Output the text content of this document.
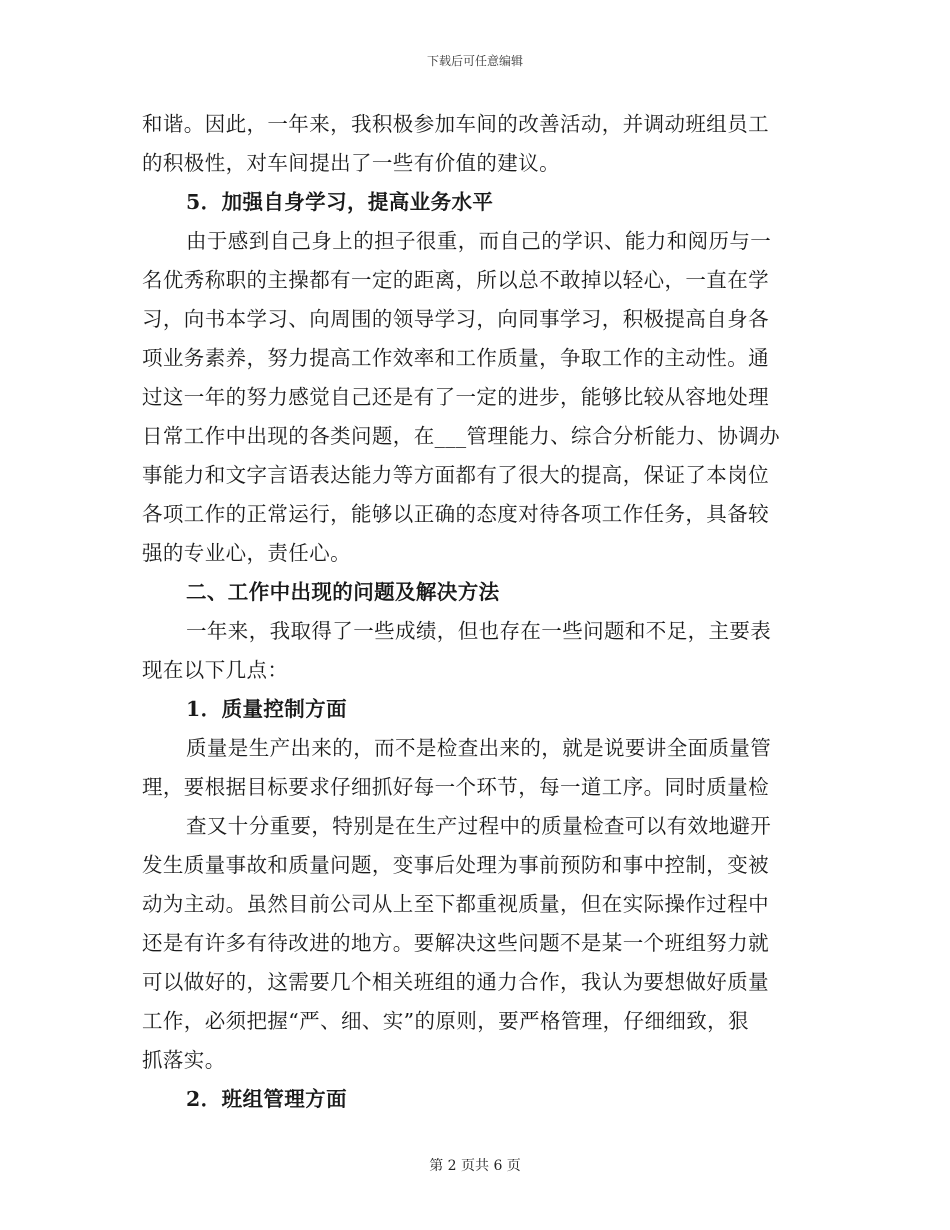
下载后可任意编辑
和谐。因此，一年来，我积极参加车间的改善活动，并调动班组员工
的积极性，对车间提出了一些有价值的建议。
5．加强自身学习，提高业务水平
由于感到自己身上的担子很重，而自己的学识、能力和阅历与一
名优秀称职的主操都有一定的距离，所以总不敢掉以轻心，一直在学
习，向书本学习、向周围的领导学习，向同事学习，积极提高自身各
项业务素养，努力提高工作效率和工作质量，争取工作的主动性。通
过这一年的努力感觉自己还是有了一定的进步，能够比较从容地处理
日常工作中出现的各类问题，在___管理能力、综合分析能力、协调办
事能力和文字言语表达能力等方面都有了很大的提高，保证了本岗位
各项工作的正常运行，能够以正确的态度对待各项工作任务，具备较
强的专业心，责任心。
二、工作中出现的问题及解决方法
一年来，我取得了一些成绩，但也存在一些问题和不足，主要表
现在以下几点：
1．质量控制方面
质量是生产出来的，而不是检查出来的，就是说要讲全面质量管
理，要根据目标要求仔细抓好每一个环节，每一道工序。同时质量检
查又十分重要，特别是在生产过程中的质量检查可以有效地避开
发生质量事故和质量问题，变事后处理为事前预防和事中控制，变被
动为主动。虽然目前公司从上至下都重视质量，但在实际操作过程中
还是有许多有待改进的地方。要解决这些问题不是某一个班组努力就
可以做好的，这需要几个相关班组的通力合作，我认为要想做好质量
工作，必须把握“严、细、实”的原则，要严格管理，仔细细致，狠
抓落实。
2．班组管理方面
第 2 页共 6 页
